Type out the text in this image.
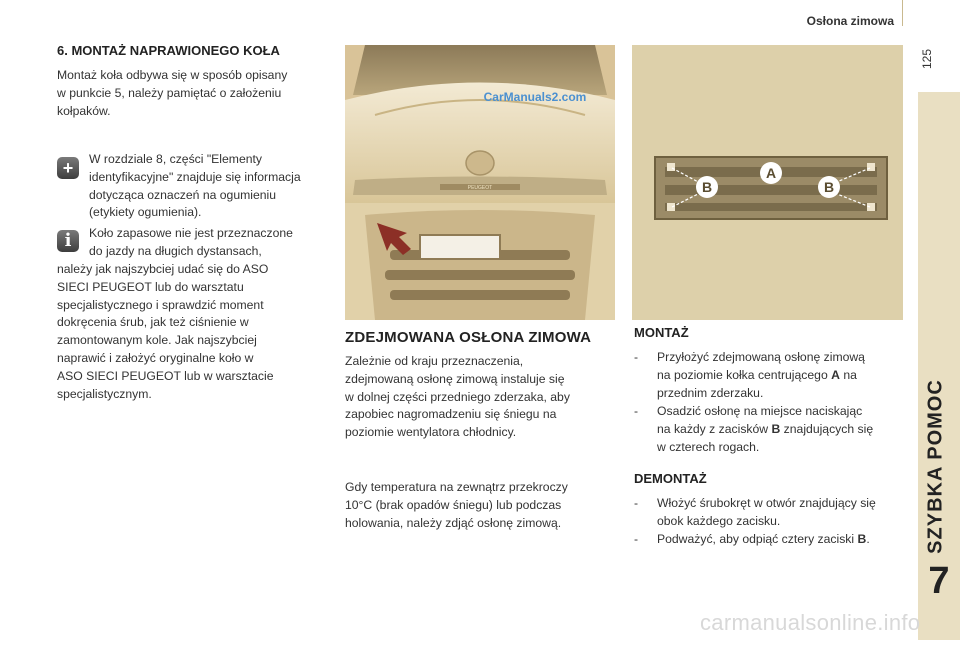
Osłona zimowa
125
SZYBKA POMOC
7
6. MONTAŻ NAPRAWIONEGO KOŁA
Montaż koła odbywa się w sposób opisany
w punkcie 5, należy pamiętać o założeniu
kołpaków.
+	W rozdziale 8, części "Elementy
identyfikacyjne" znajduje się informacja
dotycząca oznaczeń na ogumieniu
(etykiety ogumienia).
i	Koło zapasowe nie jest przeznaczone
do jazdy na długich dystansach,
należy jak najszybciej udać się do ASO
SIECI PEUGEOT lub do warsztatu
specjalistycznego i sprawdzić moment
dokręcenia śrub, jak też ciśnienie w
zamontowanym kole. Jak najszybciej
naprawić i założyć oryginalne koło w
ASO SIECI PEUGEOT lub w warsztacie
specjalistycznym.
PEUGEOT
CarManuals2.com
ZDEJMOWANA OSŁONA ZIMOWA
Zależnie od kraju przeznaczenia,
zdejmowaną osłonę zimową instaluje się
w dolnej części przedniego zderzaka, aby
zapobiec nagromadzeniu się śniegu na
poziomie wentylatora chłodnicy.
Gdy temperatura na zewnątrz przekroczy
10°C (brak opadów śniegu) lub podczas
holowania, należy zdjąć osłonę zimową.
B
A
B
MONTAŻ
-	Przyłożyć zdejmowaną osłonę zimową
na poziomie kołka centrującego A na
przednim zderzaku.
-	Osadzić osłonę na miejsce naciskając
na każdy z zacisków B znajdujących się
w czterech rogach.
DEMONTAŻ
-	Włożyć śrubokręt w otwór znajdujący się
obok każdego zacisku.
-	Podważyć, aby odpiąć cztery zaciski B.
carmanualsonline.info
